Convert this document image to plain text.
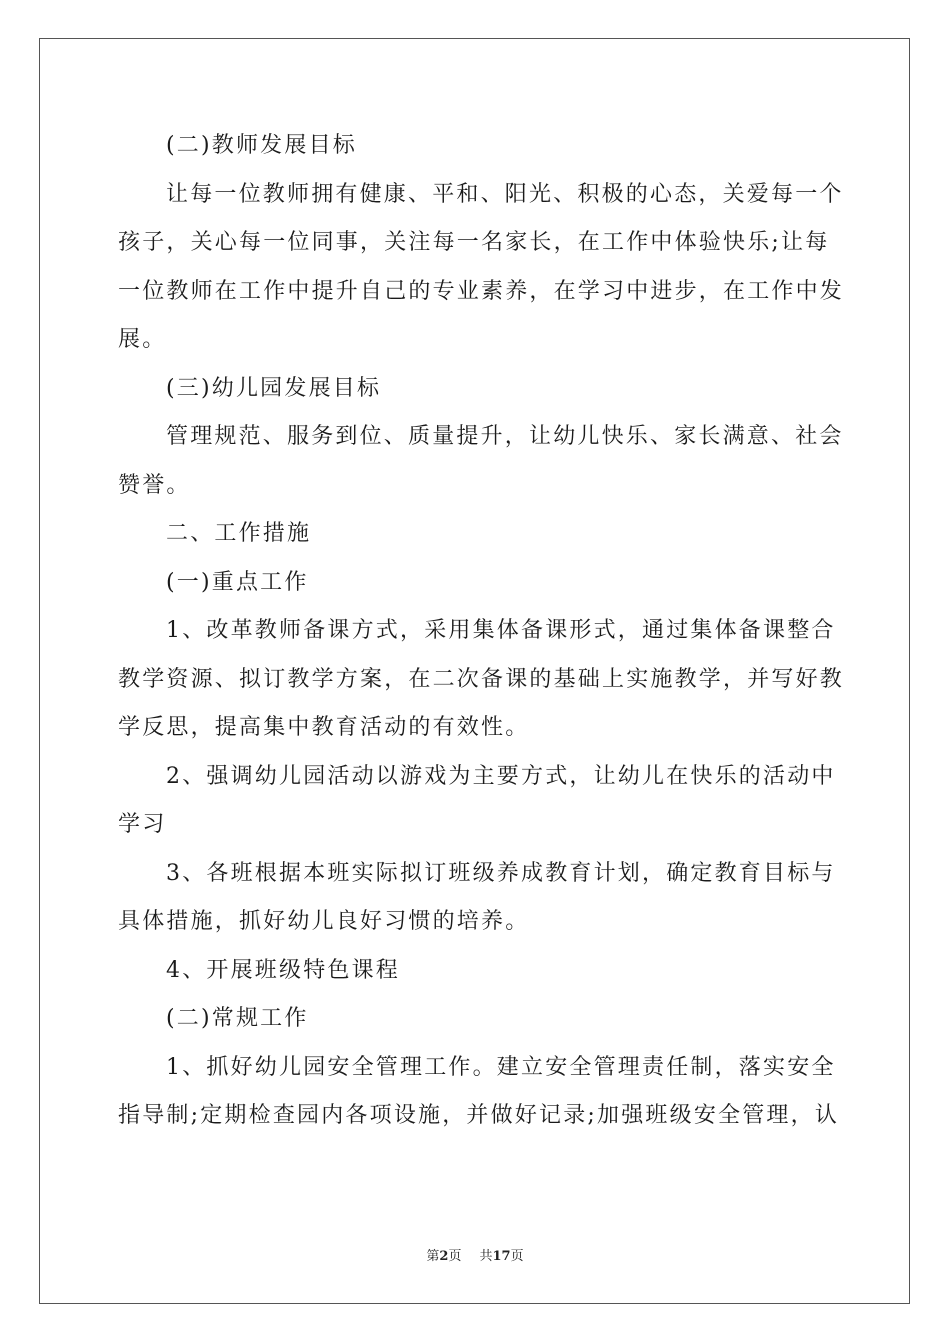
(二)教师发展目标
让每一位教师拥有健康、平和、阳光、积极的心态，关爱每一个
孩子，关心每一位同事，关注每一名家长，在工作中体验快乐;让每
一位教师在工作中提升自己的专业素养，在学习中进步，在工作中发
展。
(三)幼儿园发展目标
管理规范、服务到位、质量提升，让幼儿快乐、家长满意、社会
赞誉。
二、工作措施
(一)重点工作
1、改革教师备课方式，采用集体备课形式，通过集体备课整合
教学资源、拟订教学方案，在二次备课的基础上实施教学，并写好教
学反思，提高集中教育活动的有效性。
2、强调幼儿园活动以游戏为主要方式，让幼儿在快乐的活动中
学习
3、各班根据本班实际拟订班级养成教育计划，确定教育目标与
具体措施，抓好幼儿良好习惯的培养。
4、开展班级特色课程
(二)常规工作
1、抓好幼儿园安全管理工作。建立安全管理责任制，落实安全
指导制;定期检查园内各项设施，并做好记录;加强班级安全管理，认
第2页 共17页
